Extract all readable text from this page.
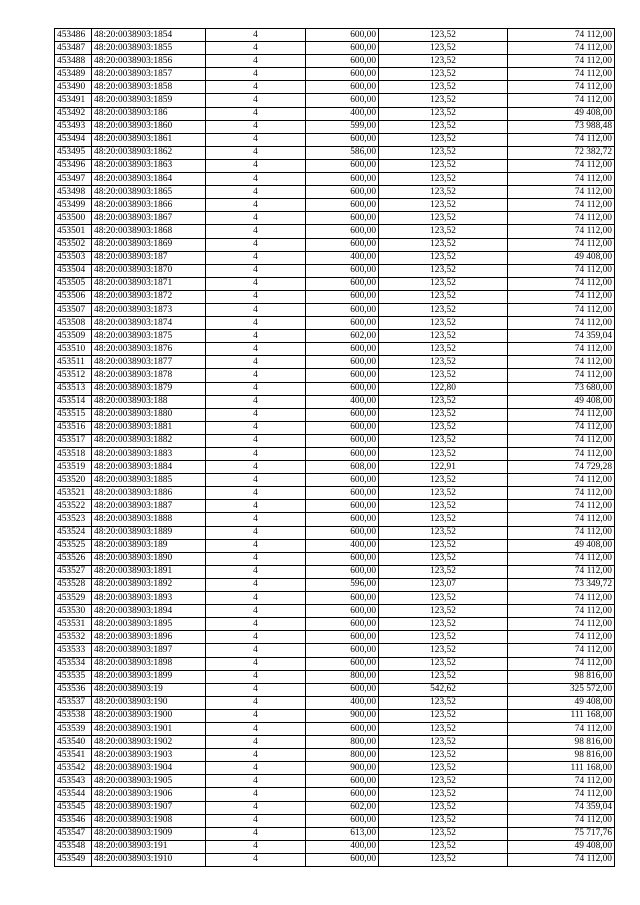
453486	48:20:0038903:1854	4	600,00	123,52	74 112,00
453487	48:20:0038903:1855	4	600,00	123,52	74 112,00
453488	48:20:0038903:1856	4	600,00	123,52	74 112,00
453489	48:20:0038903:1857	4	600,00	123,52	74 112,00
453490	48:20:0038903:1858	4	600,00	123,52	74 112,00
453491	48:20:0038903:1859	4	600,00	123,52	74 112,00
453492	48:20:0038903:186	4	400,00	123,52	49 408,00
453493	48:20:0038903:1860	4	599,00	123,52	73 988,48
453494	48:20:0038903:1861	4	600,00	123,52	74 112,00
453495	48:20:0038903:1862	4	586,00	123,52	72 382,72
453496	48:20:0038903:1863	4	600,00	123,52	74 112,00
453497	48:20:0038903:1864	4	600,00	123,52	74 112,00
453498	48:20:0038903:1865	4	600,00	123,52	74 112,00
453499	48:20:0038903:1866	4	600,00	123,52	74 112,00
453500	48:20:0038903:1867	4	600,00	123,52	74 112,00
453501	48:20:0038903:1868	4	600,00	123,52	74 112,00
453502	48:20:0038903:1869	4	600,00	123,52	74 112,00
453503	48:20:0038903:187	4	400,00	123,52	49 408,00
453504	48:20:0038903:1870	4	600,00	123,52	74 112,00
453505	48:20:0038903:1871	4	600,00	123,52	74 112,00
453506	48:20:0038903:1872	4	600,00	123,52	74 112,00
453507	48:20:0038903:1873	4	600,00	123,52	74 112,00
453508	48:20:0038903:1874	4	600,00	123,52	74 112,00
453509	48:20:0038903:1875	4	602,00	123,52	74 359,04
453510	48:20:0038903:1876	4	600,00	123,52	74 112,00
453511	48:20:0038903:1877	4	600,00	123,52	74 112,00
453512	48:20:0038903:1878	4	600,00	123,52	74 112,00
453513	48:20:0038903:1879	4	600,00	122,80	73 680,00
453514	48:20:0038903:188	4	400,00	123,52	49 408,00
453515	48:20:0038903:1880	4	600,00	123,52	74 112,00
453516	48:20:0038903:1881	4	600,00	123,52	74 112,00
453517	48:20:0038903:1882	4	600,00	123,52	74 112,00
453518	48:20:0038903:1883	4	600,00	123,52	74 112,00
453519	48:20:0038903:1884	4	608,00	122,91	74 729,28
453520	48:20:0038903:1885	4	600,00	123,52	74 112,00
453521	48:20:0038903:1886	4	600,00	123,52	74 112,00
453522	48:20:0038903:1887	4	600,00	123,52	74 112,00
453523	48:20:0038903:1888	4	600,00	123,52	74 112,00
453524	48:20:0038903:1889	4	600,00	123,52	74 112,00
453525	48:20:0038903:189	4	400,00	123,52	49 408,00
453526	48:20:0038903:1890	4	600,00	123,52	74 112,00
453527	48:20:0038903:1891	4	600,00	123,52	74 112,00
453528	48:20:0038903:1892	4	596,00	123,07	73 349,72
453529	48:20:0038903:1893	4	600,00	123,52	74 112,00
453530	48:20:0038903:1894	4	600,00	123,52	74 112,00
453531	48:20:0038903:1895	4	600,00	123,52	74 112,00
453532	48:20:0038903:1896	4	600,00	123,52	74 112,00
453533	48:20:0038903:1897	4	600,00	123,52	74 112,00
453534	48:20:0038903:1898	4	600,00	123,52	74 112,00
453535	48:20:0038903:1899	4	800,00	123,52	98 816,00
453536	48:20:0038903:19	4	600,00	542,62	325 572,00
453537	48:20:0038903:190	4	400,00	123,52	49 408,00
453538	48:20:0038903:1900	4	900,00	123,52	111 168,00
453539	48:20:0038903:1901	4	600,00	123,52	74 112,00
453540	48:20:0038903:1902	4	800,00	123,52	98 816,00
453541	48:20:0038903:1903	4	800,00	123,52	98 816,00
453542	48:20:0038903:1904	4	900,00	123,52	111 168,00
453543	48:20:0038903:1905	4	600,00	123,52	74 112,00
453544	48:20:0038903:1906	4	600,00	123,52	74 112,00
453545	48:20:0038903:1907	4	602,00	123,52	74 359,04
453546	48:20:0038903:1908	4	600,00	123,52	74 112,00
453547	48:20:0038903:1909	4	613,00	123,52	75 717,76
453548	48:20:0038903:191	4	400,00	123,52	49 408,00
453549	48:20:0038903:1910	4	600,00	123,52	74 112,00
